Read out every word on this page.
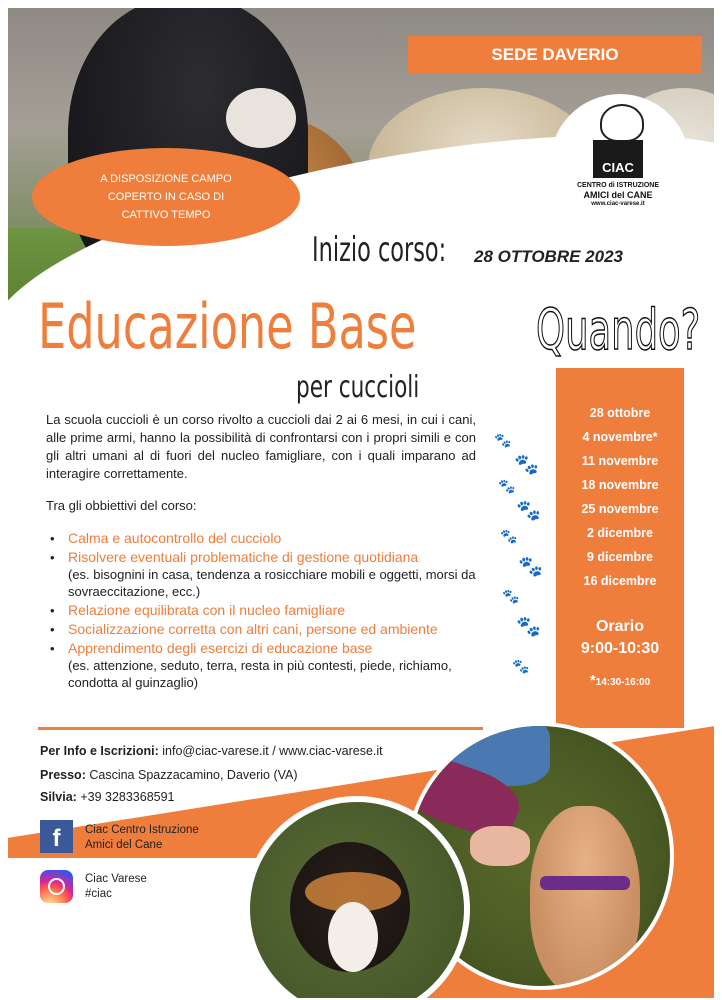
SEDE DAVERIO
CIAC
CENTRO di ISTRUZIONE
AMICI del CANE
www.ciac-varese.it
A DISPOSIZIONE CAMPO COPERTO IN CASO DI CATTIVO TEMPO
Inizio corso: 28 OTTOBRE 2023
Educazione Base
per cuccioli
Quando?
28 ottobre
4 novembre*
11 novembre
18 novembre
25 novembre
2 dicembre
9 dicembre
16 dicembre
Orario
9:00-10:30
*14:30-16:00
🐾
🐾
🐾
🐾
🐾
🐾
🐾
🐾
🐾
La scuola cuccioli è un corso rivolto a cuccioli dai 2 ai 6 mesi, in cui i cani, alle prime armi, hanno la possibilità di confrontarsi con i propri simili e con gli altri umani al di fuori del nucleo famigliare, con i quali imparano ad interagire correttamente.
Tra gli obbiettivi del corso:
• Calma e autocontrollo del cucciolo
• Risolvere eventuali problematiche di gestione quotidiana
(es. bisognini in casa, tendenza a rosicchiare mobili e oggetti, morsi da sovraeccitazione, ecc.)
• Relazione equilibrata con il nucleo famigliare
• Socializzazione corretta con altri cani, persone ed ambiente
• Apprendimento degli esercizi di educazione base
(es. attenzione, seduto, terra, resta in più contesti, piede, richiamo, condotta al guinzaglio)
Per Info e Iscrizioni: info@ciac-varese.it / www.ciac-varese.it
Presso: Cascina Spazzacamino, Daverio (VA)
Silvia: +39 3283368591
f	Ciac Centro Istruzione
Amici del Cane
Ciac Varese
#ciac
